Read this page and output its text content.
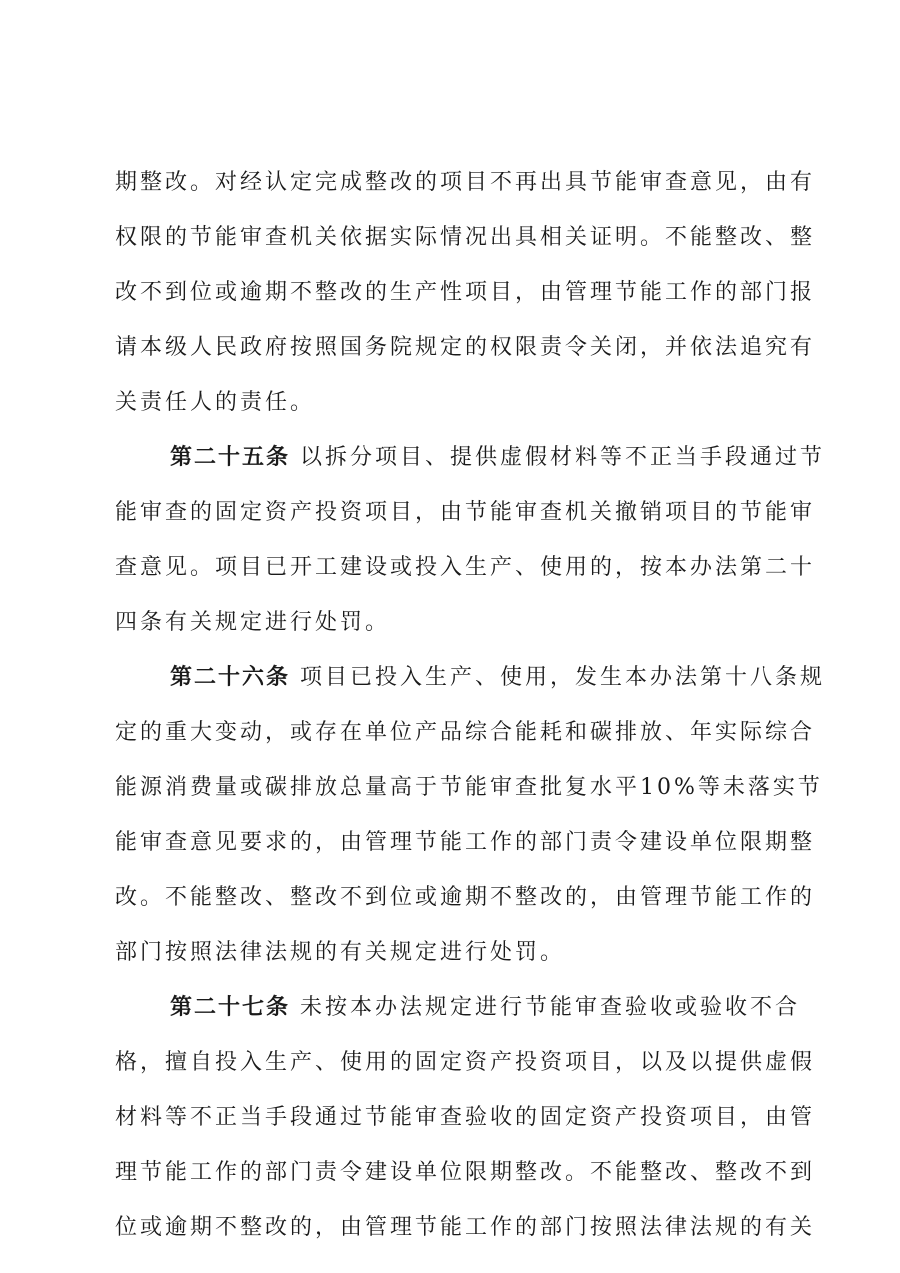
期整改。对经认定完成整改的项目不再出具节能审查意见，由有
权限的节能审查机关依据实际情况出具相关证明。不能整改、整
改不到位或逾期不整改的生产性项目，由管理节能工作的部门报
请本级人民政府按照国务院规定的权限责令关闭，并依法追究有
关责任人的责任。
第二十五条 以拆分项目、提供虚假材料等不正当手段通过节
能审查的固定资产投资项目，由节能审查机关撤销项目的节能审
查意见。项目已开工建设或投入生产、使用的，按本办法第二十
四条有关规定进行处罚。
第二十六条 项目已投入生产、使用，发生本办法第十八条规
定的重大变动，或存在单位产品综合能耗和碳排放、年实际综合
能源消费量或碳排放总量高于节能审查批复水平10%等未落实节
能审查意见要求的，由管理节能工作的部门责令建设单位限期整
改。不能整改、整改不到位或逾期不整改的，由管理节能工作的
部门按照法律法规的有关规定进行处罚。
第二十七条 未按本办法规定进行节能审查验收或验收不合
格，擅自投入生产、使用的固定资产投资项目，以及以提供虚假
材料等不正当手段通过节能审查验收的固定资产投资项目，由管
理节能工作的部门责令建设单位限期整改。不能整改、整改不到
位或逾期不整改的，由管理节能工作的部门按照法律法规的有关
